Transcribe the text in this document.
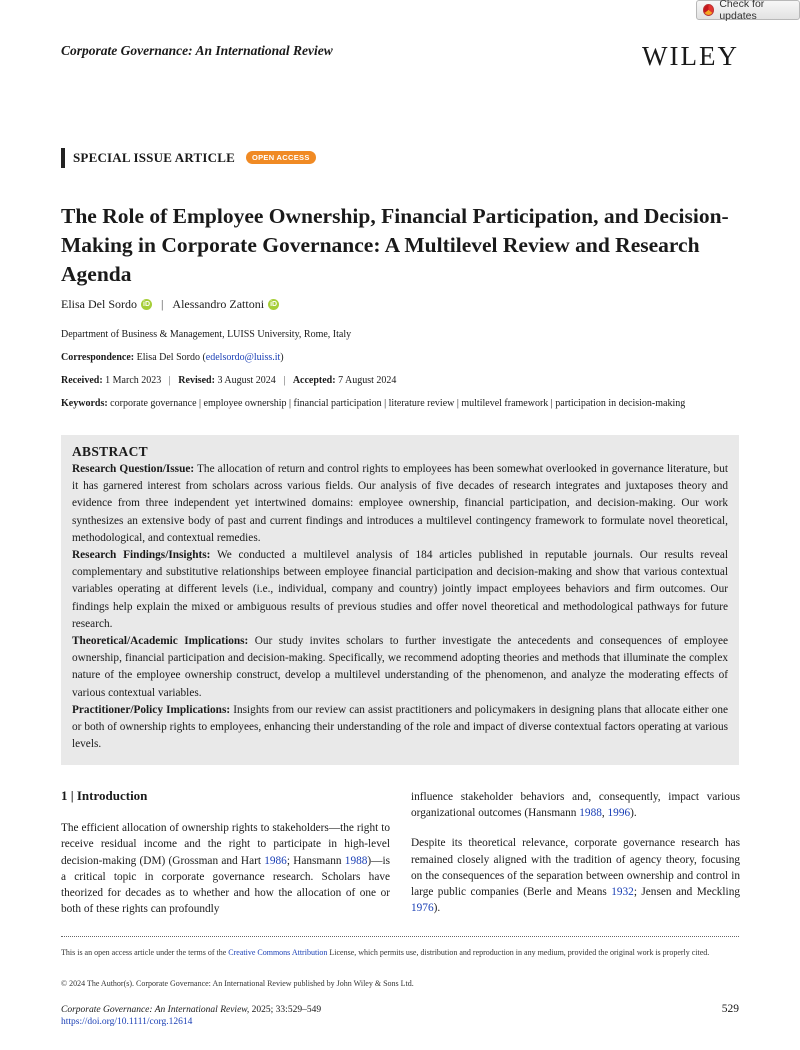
Check for updates
Corporate Governance: An International Review	WILEY
SPECIAL ISSUE ARTICLE	OPEN ACCESS
The Role of Employee Ownership, Financial Participation, and Decision-Making in Corporate Governance: A Multilevel Review and Research Agenda
Elisa Del Sordo iD | Alessandro Zattoni iD
Department of Business & Management, LUISS University, Rome, Italy
Correspondence: Elisa Del Sordo (edelsordo@luiss.it)
Received: 1 March 2023 | Revised: 3 August 2024 | Accepted: 7 August 2024
Keywords: corporate governance | employee ownership | financial participation | literature review | multilevel framework | participation in decision-making
ABSTRACT

Research Question/Issue: The allocation of return and control rights to employees has been somewhat overlooked in governance literature, but it has garnered interest from scholars across various fields. Our analysis of five decades of research integrates and juxtaposes theory and evidence from three independent yet intertwined domains: employee ownership, financial participation, and decision-making. Our work synthesizes an extensive body of past and current findings and introduces a multilevel contingency framework to formulate novel theoretical, methodological, and contextual remedies.

Research Findings/Insights: We conducted a multilevel analysis of 184 articles published in reputable journals. Our results reveal complementary and substitutive relationships between employee financial participation and decision-making and show that various contextual variables operating at different levels (i.e., individual, company and country) jointly impact employees behaviors and firm outcomes. Our findings help explain the mixed or ambiguous results of previous studies and offer novel theoretical and methodological pathways for future research.

Theoretical/Academic Implications: Our study invites scholars to further investigate the antecedents and consequences of employee ownership, financial participation and decision-making. Specifically, we recommend adopting theories and methods that illuminate the complex nature of the employee ownership construct, develop a multilevel understanding of the phenomenon, and analyze the moderating effects of various contextual variables.

Practitioner/Policy Implications: Insights from our review can assist practitioners and policymakers in designing plans that allocate either one or both of ownership rights to employees, enhancing their understanding of the role and impact of diverse contextual factors operating at various levels.

1 | Introduction

The efficient allocation of ownership rights to stakeholders—the right to receive residual income and the right to participate in high-level decision-making (DM) (Grossman and Hart 1986; Hansmann 1988)—is a critical topic in corporate governance research. Scholars have theorized for decades as to whether and how the allocation of one or both of these rights can profoundly

influence stakeholder behaviors and, consequently, impact various organizational outcomes (Hansmann 1988, 1996).

Despite its theoretical relevance, corporate governance research has remained closely aligned with the tradition of agency theory, focusing on the consequences of the separation between ownership and control in large public companies (Berle and Means 1932; Jensen and Meckling 1976).

This is an open access article under the terms of the Creative Commons Attribution License, which permits use, distribution and reproduction in any medium, provided the original work is properly cited.
© 2024 The Author(s). Corporate Governance: An International Review published by John Wiley & Sons Ltd.
Corporate Governance: An International Review, 2025; 33:529–549
https://doi.org/10.1111/corg.12614
529
